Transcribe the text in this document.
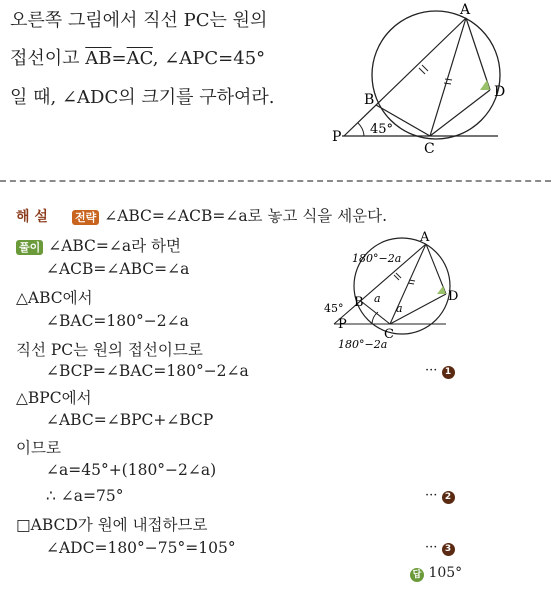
오른쪽 그림에서 직선 PC는 원의
접선이고 $\overline{AB}=\overline{AC}$, ∠APC=45°
일 때, ∠ADC의 크기를 구하여라.
A
B
C
D
P 45°
해 설 전략 ∠ABC=∠ACB=∠a로 놓고 식을 세운다.
풀이 ∠ABC=∠a라 하면
∠ACB=∠ABC=∠a
△ABC에서
∠BAC=180°−2∠a
직선 PC는 원의 접선이므로
∠BCP=∠BAC=180°−2∠a
△BPC에서
∠ABC=∠BPC+∠BCP
이므로
∠a=45°+(180°−2∠a)
∴ ∠a=75°
□ABCD가 원에 내접하므로
∠ADC=180°−75°=105°
··· 1
··· 2
··· 3
답 105°
A
B
C
D
P
180°−2a
180°−2a
45°
a
a
